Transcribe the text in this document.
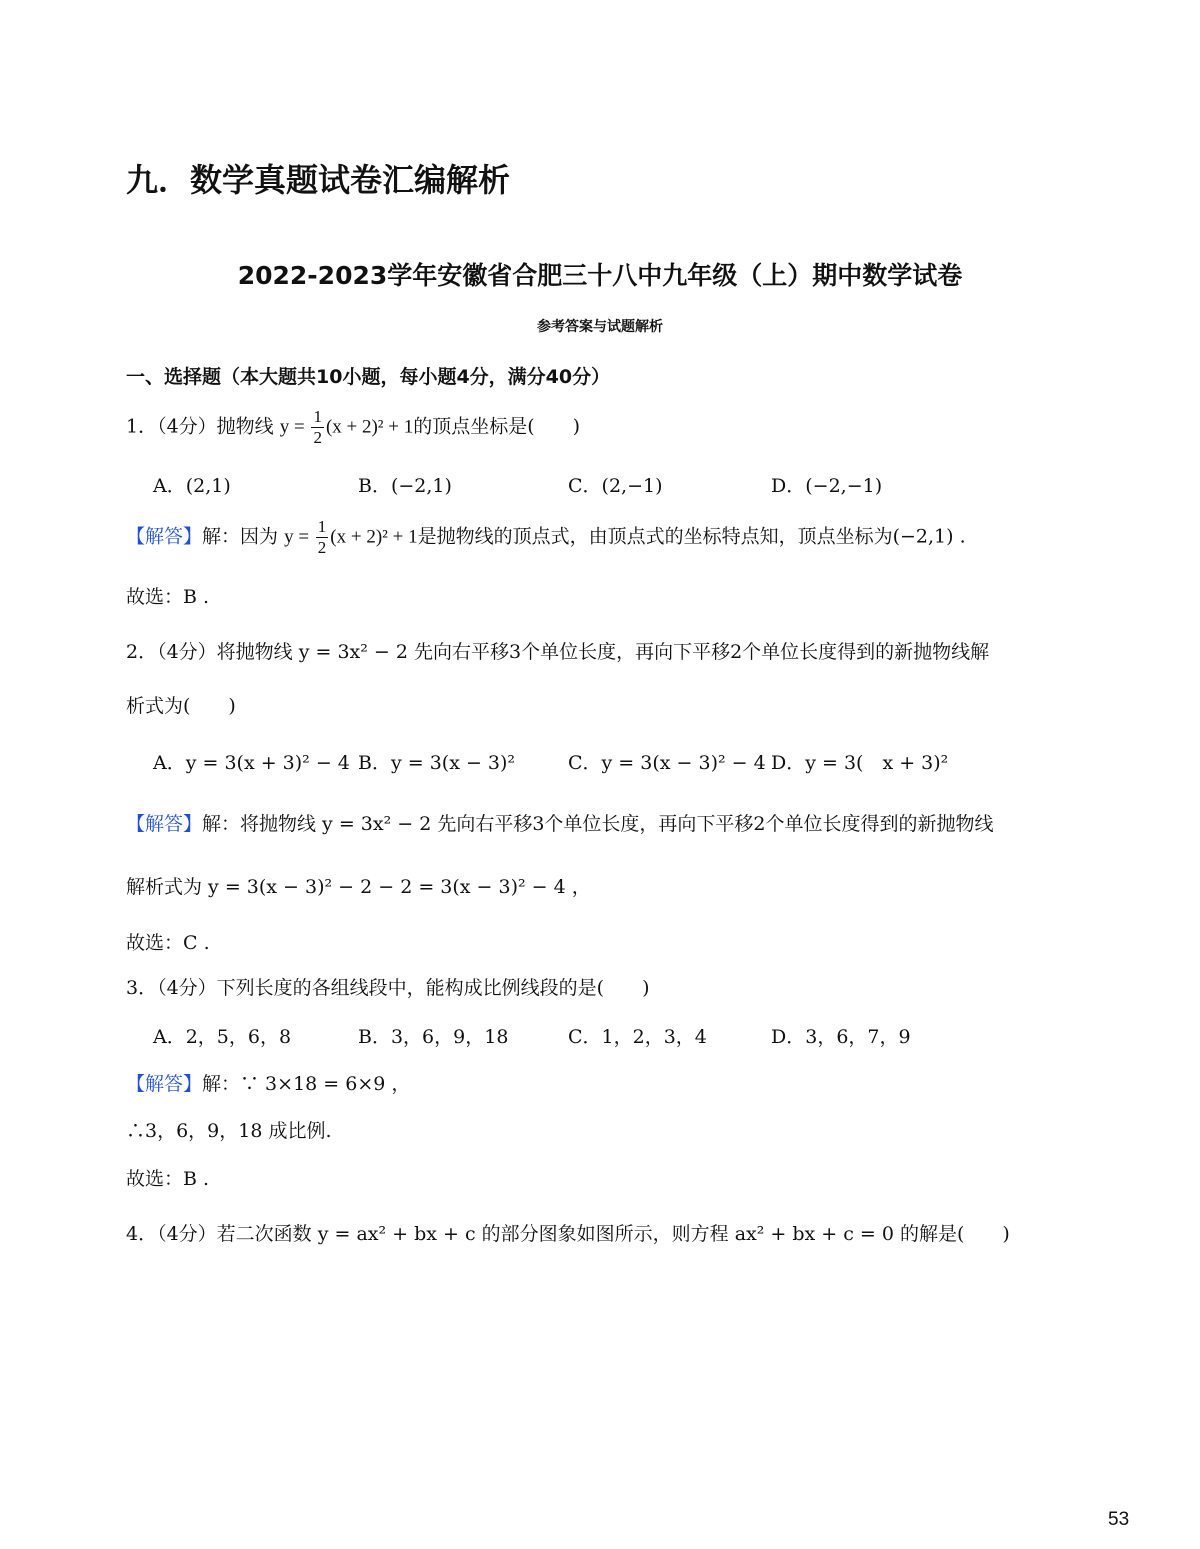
九．数学真题试卷汇编解析
2022-2023学年安徽省合肥三十八中九年级（上）期中数学试卷
参考答案与试题解析
一、选择题（本大题共10小题，每小题4分，满分40分）
1．（4分）抛物线 $y = \frac{1}{2} (x + 2)^2 + 1$的顶点坐标是(　　)
A．(2,1)	B．(−2,1)	C．(2,−1)	D．(−2,−1)
【解答】解：因为 $y = \frac{1}{2} (x + 2)^2 + 1$是抛物线的顶点式，由顶点式的坐标特点知，顶点坐标为(−2,1) .
故选：B .
2．（4分）将抛物线 y = 3x² − 2 先向右平移3个单位长度，再向下平移2个单位长度得到的新抛物线解
析式为(　　)
A．y = 3(x + 3)² − 4 B．y = 3(x − 3)²	C．y = 3(x − 3)² − 4 D．y = 3(　x + 3)²
【解答】解：将抛物线 y = 3x² − 2 先向右平移3个单位长度，再向下平移2个单位长度得到的新抛物线
解析式为 y = 3(x − 3)² − 2 − 2 = 3(x − 3)² − 4 ，
故选：C .
3．（4分）下列长度的各组线段中，能构成比例线段的是(　　)
A．2，5，6，8	B．3，6，9，18	C．1，2，3，4	D．3，6，7，9
【解答】解：∵ 3×18 = 6×9 ，
∴3，6，9，18 成比例.
故选：B .
4．（4分）若二次函数 y = ax² + bx + c 的部分图象如图所示，则方程 ax² + bx + c = 0 的解是(　　)
53
